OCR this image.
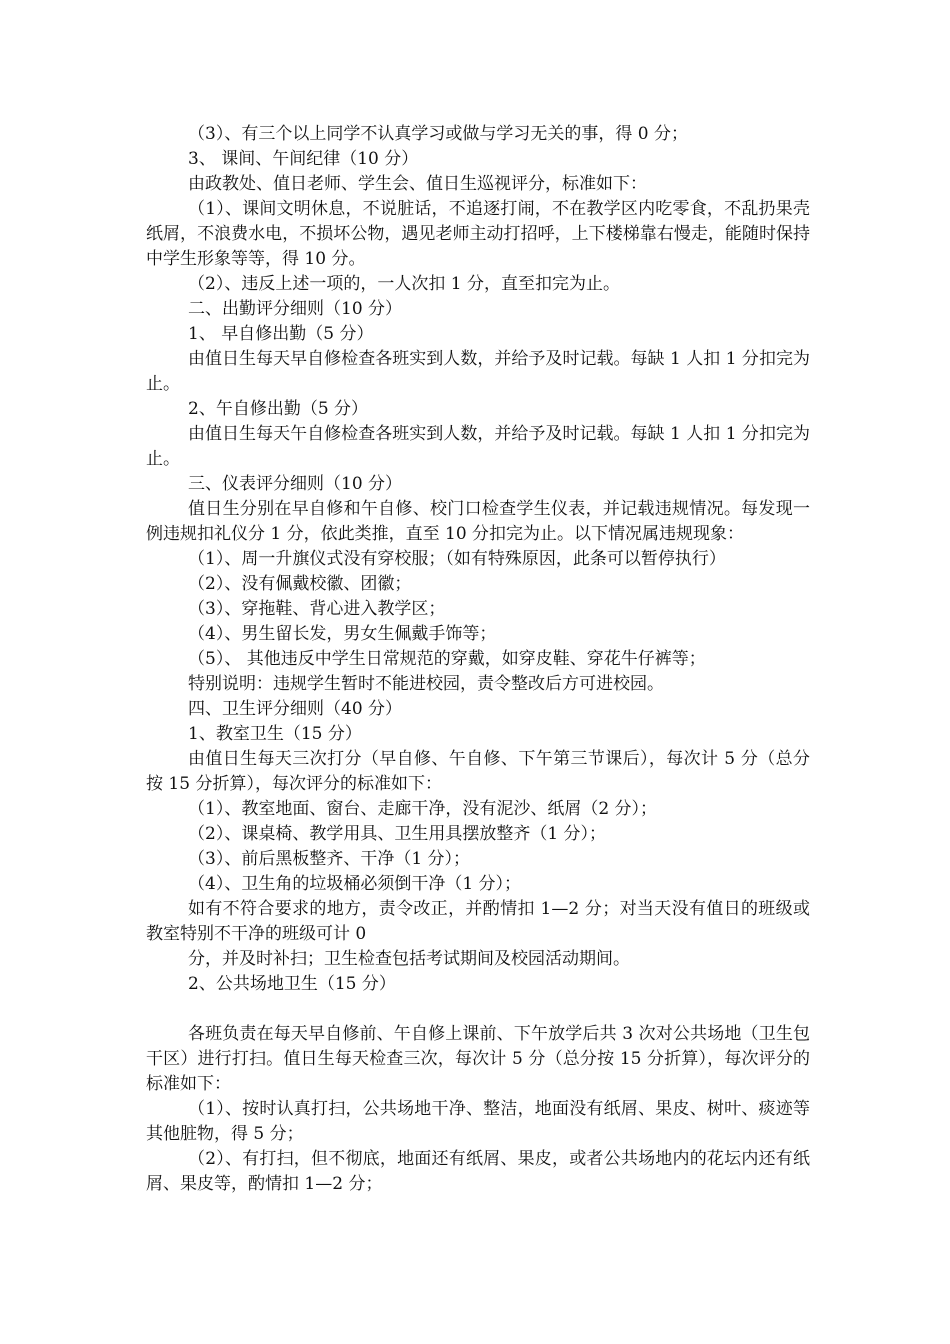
（3）、有三个以上同学不认真学习或做与学习无关的事，得 0 分；

3、 课间、午间纪律（10 分）

由政教处、值日老师、学生会、值日生巡视评分，标准如下：

（1）、课间文明休息，不说脏话，不追逐打闹，不在教学区内吃零食，不乱扔果壳纸屑，不浪费水电，不损坏公物，遇见老师主动打招呼，上下楼梯靠右慢走，能随时保持中学生形象等等，得 10 分。

（2）、违反上述一项的，一人次扣 1 分，直至扣完为止。

二、出勤评分细则（10 分）

1、 早自修出勤（5 分）

由值日生每天早自修检查各班实到人数，并给予及时记载。每缺 1 人扣 1 分扣完为止。

2、午自修出勤（5 分）

由值日生每天午自修检查各班实到人数，并给予及时记载。每缺 1 人扣 1 分扣完为止。

三、仪表评分细则（10 分）

值日生分别在早自修和午自修、校门口检查学生仪表，并记载违规情况。每发现一例违规扣礼仪分 1 分，依此类推，直至 10 分扣完为止。以下情况属违规现象：

（1）、周一升旗仪式没有穿校服；（如有特殊原因，此条可以暂停执行）

（2）、没有佩戴校徽、团徽；

（3）、穿拖鞋、背心进入教学区；

（4）、男生留长发，男女生佩戴手饰等；

（5）、 其他违反中学生日常规范的穿戴，如穿皮鞋、穿花牛仔裤等；

特别说明：违规学生暂时不能进校园，责令整改后方可进校园。

四、卫生评分细则（40 分）

1、教室卫生（15 分）

由值日生每天三次打分（早自修、午自修、下午第三节课后），每次计 5 分（总分按 15 分折算），每次评分的标准如下：

（1）、教室地面、窗台、走廊干净，没有泥沙、纸屑（2 分）；

（2）、课桌椅、教学用具、卫生用具摆放整齐（1 分）；

（3）、前后黑板整齐、干净（1 分）；

（4）、卫生角的垃圾桶必须倒干净（1 分）；

如有不符合要求的地方，责令改正，并酌情扣 1—2 分；对当天没有值日的班级或教室特别不干净的班级可计 0

分，并及时补扫；卫生检查包括考试期间及校园活动期间。

2、公共场地卫生（15 分）

各班负责在每天早自修前、午自修上课前、下午放学后共 3 次对公共场地（卫生包干区）进行打扫。值日生每天检查三次，每次计 5 分（总分按 15 分折算），每次评分的标准如下：

（1）、按时认真打扫，公共场地干净、整洁，地面没有纸屑、果皮、树叶、痰迹等其他脏物，得 5 分；

（2）、有打扫，但不彻底，地面还有纸屑、果皮，或者公共场地内的花坛内还有纸屑、果皮等，酌情扣 1—2 分；
